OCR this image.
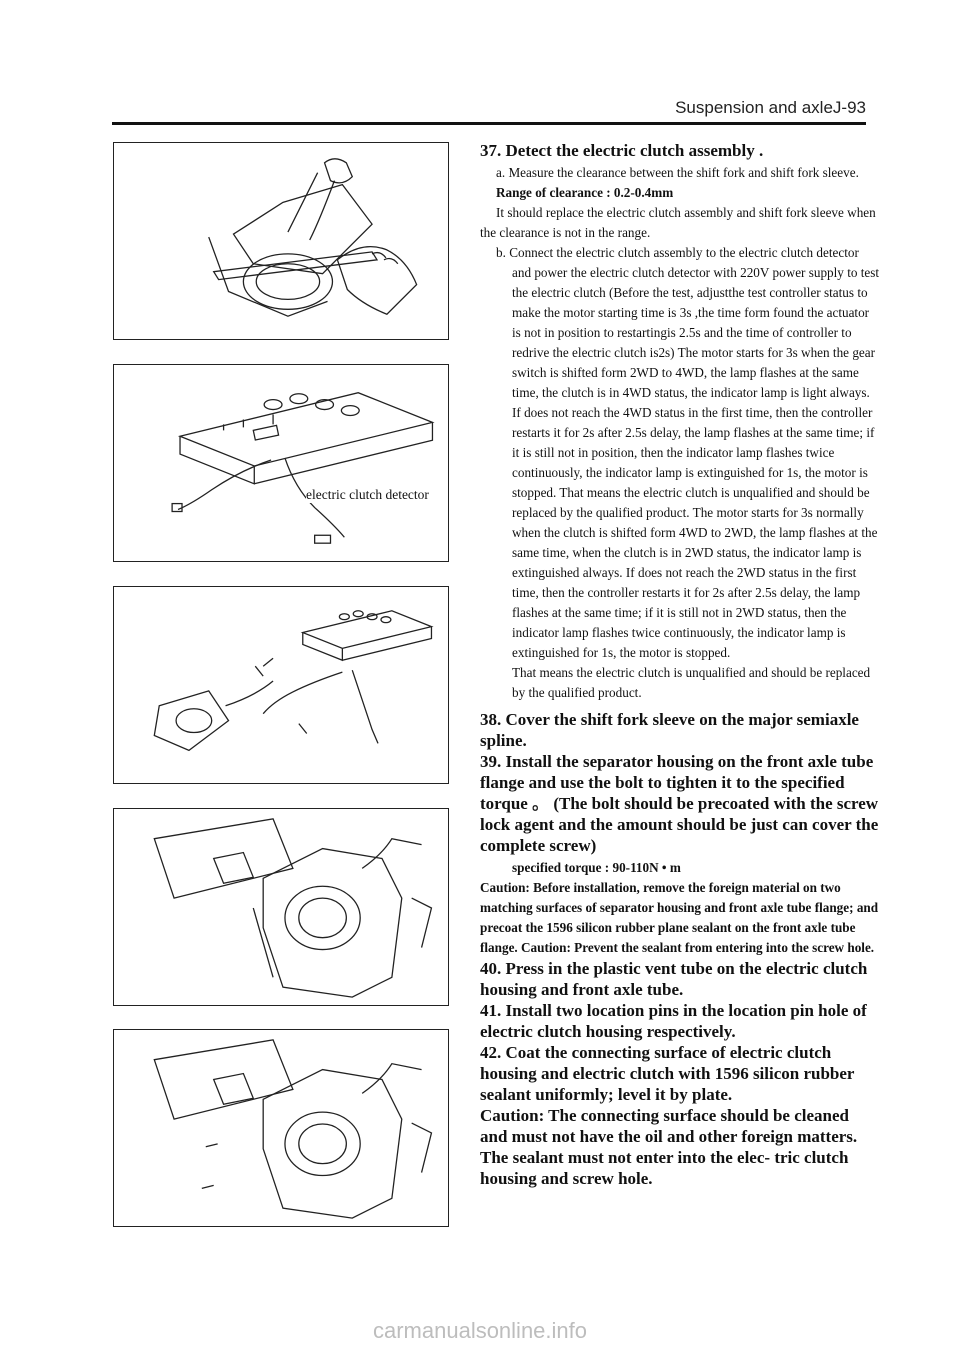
Suspension and axleJ-93
electric clutch detector

37. Detect the electric clutch assembly .

a. Measure the clearance between the shift fork and shift fork sleeve.

Range of clearance : 0.2-0.4mm

It should replace the electric clutch assembly and shift fork sleeve when the clearance is not in the range.

b. Connect the electric clutch assembly to the electric clutch detector and power the electric clutch detector with 220V power supply to test the electric clutch (Before the test, adjustthe test controller status to make the motor starting time is 3s ,the time form found the actuator is not in position to restartingis 2.5s and the time of controller to redrive the electric clutch is2s) The motor starts for 3s when the gear switch is shifted form 2WD to 4WD, the lamp flashes at the same time, the clutch is in 4WD status, the indicator lamp is light always. If does not reach the 4WD status in the first time, then the controller restarts it for 2s after 2.5s delay, the lamp flashes at the same time; if it is still not in position, then the indicator lamp flashes twice continuously, the indicator lamp is extinguished for 1s, the motor is stopped. That means the electric clutch is unqualified and should be replaced by the qualified product. The motor starts for 3s normally when the clutch is shifted form 4WD to 2WD, the lamp flashes at the same time, when the clutch is in 2WD status, the indicator lamp is extinguished always. If does not reach the 2WD status in the first time, then the controller restarts it for 2s after 2.5s delay, the lamp flashes at the same time; if it is still not in 2WD status, then the indicator lamp flashes twice continuously, the indicator lamp is extinguished for 1s, the motor is stopped.

That means the electric clutch is unqualified and should be replaced by the qualified product.

38. Cover the shift fork sleeve on the major semiaxle spline.

39. Install the separator housing on the front axle tube flange and use the bolt to tighten it to the specified torque 。 (The bolt should be precoated with the screw lock agent and the amount should be just can cover the complete screw)

specified torque : 90-110N • m

Caution: Before installation, remove the foreign material on two matching surfaces of separator housing and front axle tube flange; and precoat the 1596 silicon rubber plane sealant on the front axle tube flange. Caution: Prevent the sealant from entering into the screw hole.

40. Press in the plastic vent tube on the electric clutch housing and front axle tube.

41. Install two location pins in the location pin hole of electric clutch housing respectively.

42. Coat the connecting surface of electric clutch housing and electric clutch with 1596 silicon rubber sealant uniformly; level it by plate.

Caution: The connecting surface should be cleaned and must not have the oil and other foreign matters. The sealant must not enter into the elec- tric clutch housing and screw hole.

carmanualsonline.info
